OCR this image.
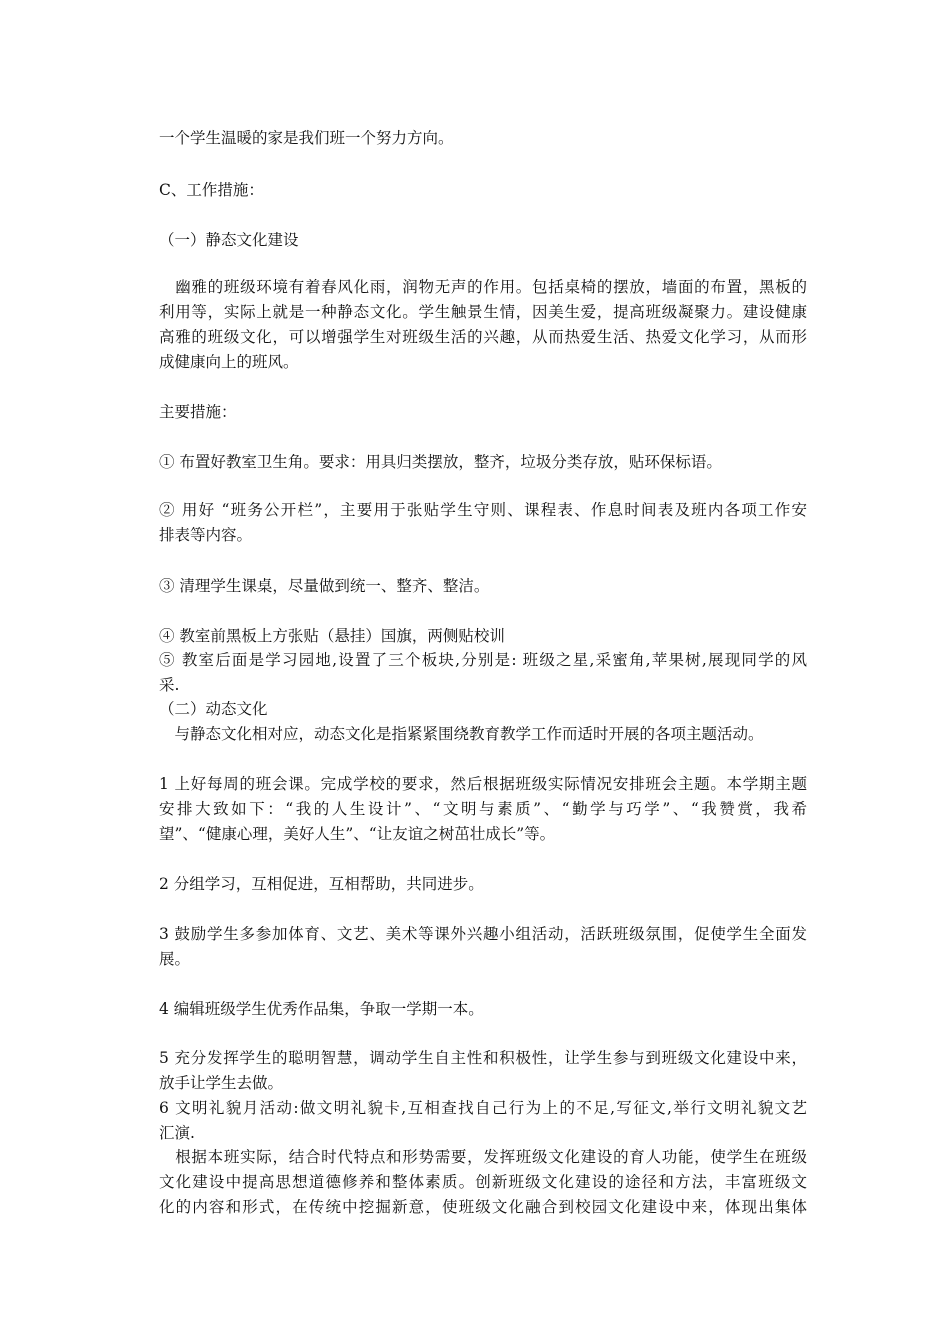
一个学生温暖的家是我们班一个努力方向。
C、工作措施：
（一）静态文化建设
　幽雅的班级环境有着春风化雨，润物无声的作用。包括桌椅的摆放，墙面的布置，黑板的
利用等，实际上就是一种静态文化。学生触景生情，因美生爱，提高班级凝聚力。建设健康
高雅的班级文化，可以增强学生对班级生活的兴趣，从而热爱生活、热爱文化学习，从而形
成健康向上的班风。
主要措施：
① 布置好教室卫生角。要求：用具归类摆放，整齐，垃圾分类存放，贴环保标语。
② 用好 “班务公开栏”，主要用于张贴学生守则、课程表、作息时间表及班内各项工作安
排表等内容。
③ 清理学生课桌，尽量做到统一、整齐、整洁。
④ 教室前黑板上方张贴（悬挂）国旗，两侧贴校训
⑤ 教室后面是学习园地,设置了三个板块,分别是: 班级之星,采蜜角,苹果树,展现同学的风
采.
（二）动态文化
　与静态文化相对应，动态文化是指紧紧围绕教育教学工作而适时开展的各项主题活动。
1 上好每周的班会课。完成学校的要求，然后根据班级实际情况安排班会主题。本学期主题
安排大致如下：“我的人生设计”、“文明与素质”、“勤学与巧学”、“我赞赏，我希
望”、“健康心理，美好人生”、“让友谊之树茁壮成长”等。
2 分组学习，互相促进，互相帮助，共同进步。
3 鼓励学生多参加体育、文艺、美术等课外兴趣小组活动，活跃班级氛围，促使学生全面发
展。
4 编辑班级学生优秀作品集，争取一学期一本。
5 充分发挥学生的聪明智慧，调动学生自主性和积极性，让学生参与到班级文化建设中来，
放手让学生去做。
6 文明礼貌月活动:做文明礼貌卡,互相查找自己行为上的不足,写征文,举行文明礼貌文艺
汇演.
　根据本班实际，结合时代特点和形势需要，发挥班级文化建设的育人功能，使学生在班级
文化建设中提高思想道德修养和整体素质。创新班级文化建设的途径和方法，丰富班级文
化的内容和形式，在传统中挖掘新意，使班级文化融合到校园文化建设中来，体现出集体
